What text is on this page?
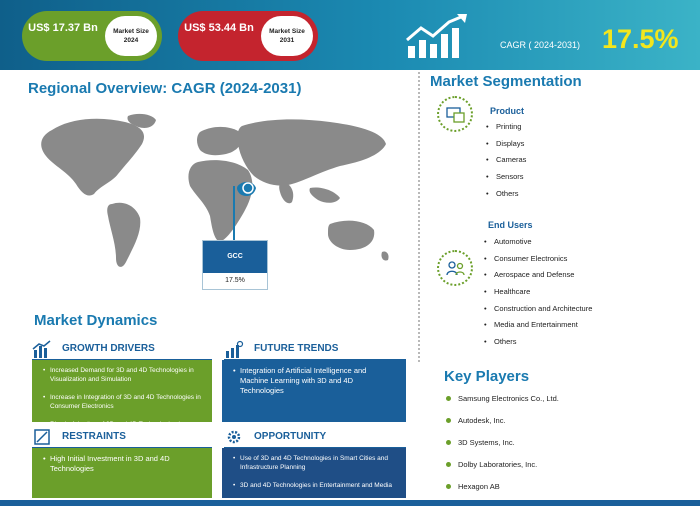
US$ 17.37 Bn	Market Size 2024
US$ 53.44 Bn	Market Size 2031	CAGR ( 2024-2031) 17.5%
Regional Overview: CAGR (2024-2031)
GCC
17.5%
Market Dynamics
GROWTH DRIVERS
• Increased Demand for 3D and 4D Technologies in Visualization and Simulation
• Increase in Integration of 3D and 4D Technologies in Consumer Electronics
• Rise in Adoption of 3D and 4D Technologies in
FUTURE TRENDS
• Integration of Artificial Intelligence and Machine Learning with 3D and 4D Technologies
RESTRAINTS
• High Initial Investment in 3D and 4D Technologies
OPPORTUNITY
• Use of 3D and 4D Technologies in Smart Cities and Infrastructure Planning
• 3D and 4D Technologies in Entertainment and Media
Market Segmentation
Product
• Printing
• Displays
• Cameras
• Sensors
• Others
End Users
• Automotive
• Consumer Electronics
• Aerospace and Defense
• Healthcare
• Construction and Architecture
• Media and Entertainment
• Others
Key Players
Samsung Electronics Co., Ltd.
Autodesk, Inc.
3D Systems, Inc.
Dolby Laboratories, Inc.
Hexagon AB
